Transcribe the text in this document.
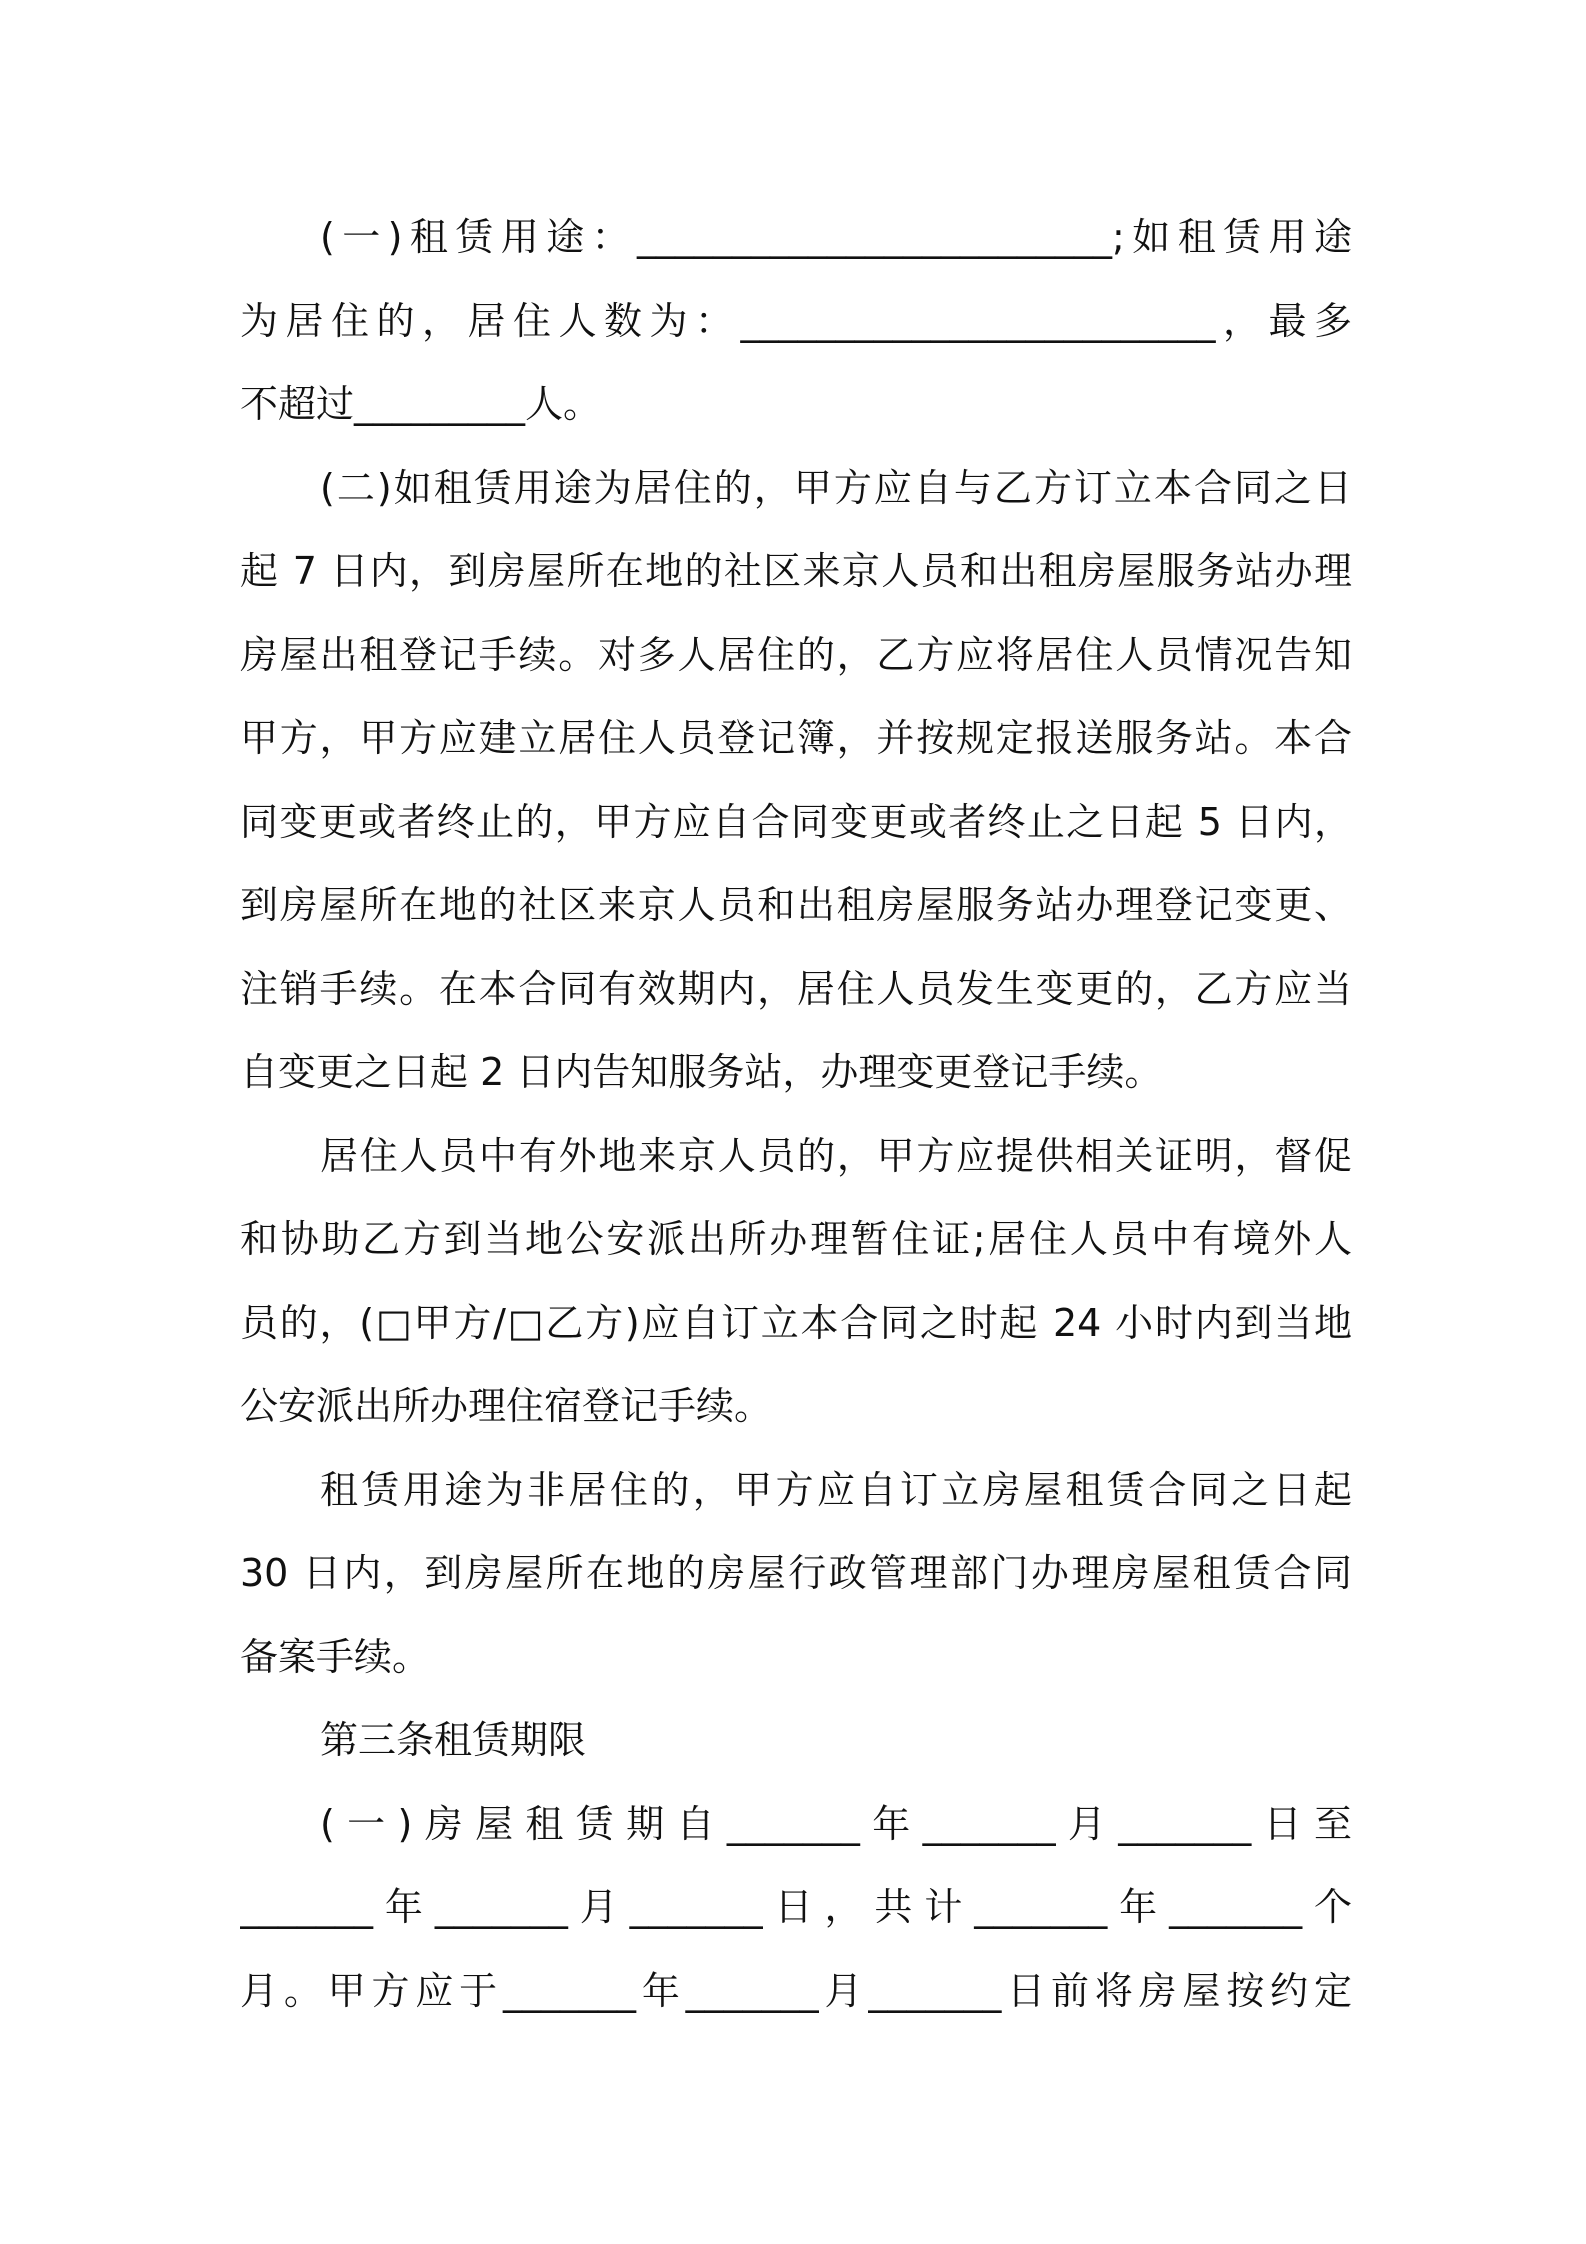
(一)租赁用途：_________________________;如租赁用途
为居住的，居住人数为：_________________________，最多
不超过_________人。
(二)如租赁用途为居住的，甲方应自与乙方订立本合同之日
起 7 日内，到房屋所在地的社区来京人员和出租房屋服务站办理
房屋出租登记手续。对多人居住的，乙方应将居住人员情况告知
甲方，甲方应建立居住人员登记簿，并按规定报送服务站。本合
同变更或者终止的，甲方应自合同变更或者终止之日起 5 日内，
到房屋所在地的社区来京人员和出租房屋服务站办理登记变更、
注销手续。在本合同有效期内，居住人员发生变更的，乙方应当
自变更之日起 2 日内告知服务站，办理变更登记手续。
居住人员中有外地来京人员的，甲方应提供相关证明，督促
和协助乙方到当地公安派出所办理暂住证;居住人员中有境外人
员的，(□甲方/□乙方)应自订立本合同之时起 24 小时内到当地
公安派出所办理住宿登记手续。
租赁用途为非居住的，甲方应自订立房屋租赁合同之日起
30 日内，到房屋所在地的房屋行政管理部门办理房屋租赁合同
备案手续。
第三条租赁期限
(一)房屋租赁期自_______年_______月_______日至
_______年_______月_______日，共计_______年_______个
月。甲方应于_______年_______月_______日前将房屋按约定
